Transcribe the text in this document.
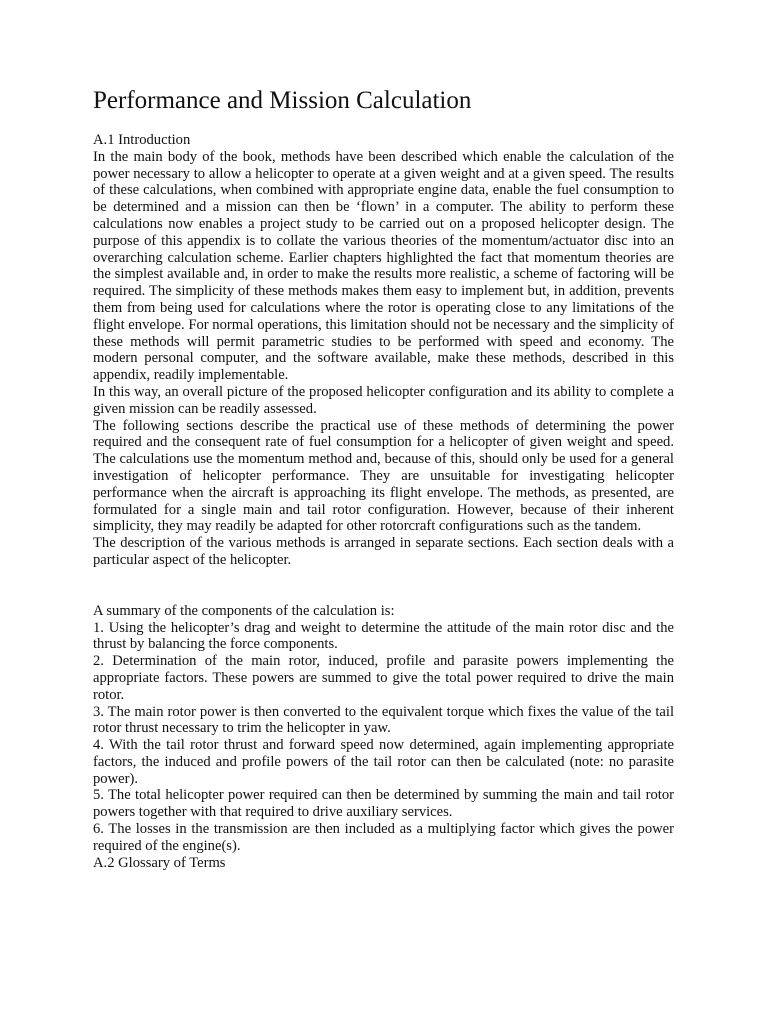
Performance and Mission Calculation

A.1 Introduction

In the main body of the book, methods have been described which enable the calculation of the power necessary to allow a helicopter to operate at a given weight and at a given speed. The results of these calculations, when combined with appropriate engine data, enable the fuel consumption to be determined and a mission can then be ‘flown’ in a computer. The ability to perform these calculations now enables a project study to be carried out on a proposed helicopter design. The purpose of this appendix is to collate the various theories of the momentum/actuator disc into an overarching calculation scheme. Earlier chapters highlighted the fact that momentum theories are the simplest available and, in order to make the results more realistic, a scheme of factoring will be required. The simplicity of these methods makes them easy to implement but, in addition, prevents them from being used for calculations where the rotor is operating close to any limitations of the flight envelope. For normal operations, this limitation should not be necessary and the simplicity of these methods will permit parametric studies to be performed with speed and economy. The modern personal computer, and the software available, make these methods, described in this appendix, readily implementable.

In this way, an overall picture of the proposed helicopter configuration and its ability to complete a given mission can be readily assessed.

The following sections describe the practical use of these methods of determining the power required and the consequent rate of fuel consumption for a helicopter of given weight and speed. The calculations use the momentum method and, because of this, should only be used for a general investigation of helicopter performance. They are unsuitable for investigating helicopter performance when the aircraft is approaching its flight envelope. The methods, as presented, are formulated for a single main and tail rotor configuration. However, because of their inherent simplicity, they may readily be adapted for other rotorcraft configurations such as the tandem.

The description of the various methods is arranged in separate sections. Each section deals with a particular aspect of the helicopter.

A summary of the components of the calculation is:

1. Using the helicopter’s drag and weight to determine the attitude of the main rotor disc and the thrust by balancing the force components.

2. Determination of the main rotor, induced, profile and parasite powers implementing the appropriate factors. These powers are summed to give the total power required to drive the main rotor.

3. The main rotor power is then converted to the equivalent torque which fixes the value of the tail rotor thrust necessary to trim the helicopter in yaw.

4. With the tail rotor thrust and forward speed now determined, again implementing appropriate factors, the induced and profile powers of the tail rotor can then be calculated (note: no parasite power).

5. The total helicopter power required can then be determined by summing the main and tail rotor powers together with that required to drive auxiliary services.

6. The losses in the transmission are then included as a multiplying factor which gives the power required of the engine(s).

A.2 Glossary of Terms
